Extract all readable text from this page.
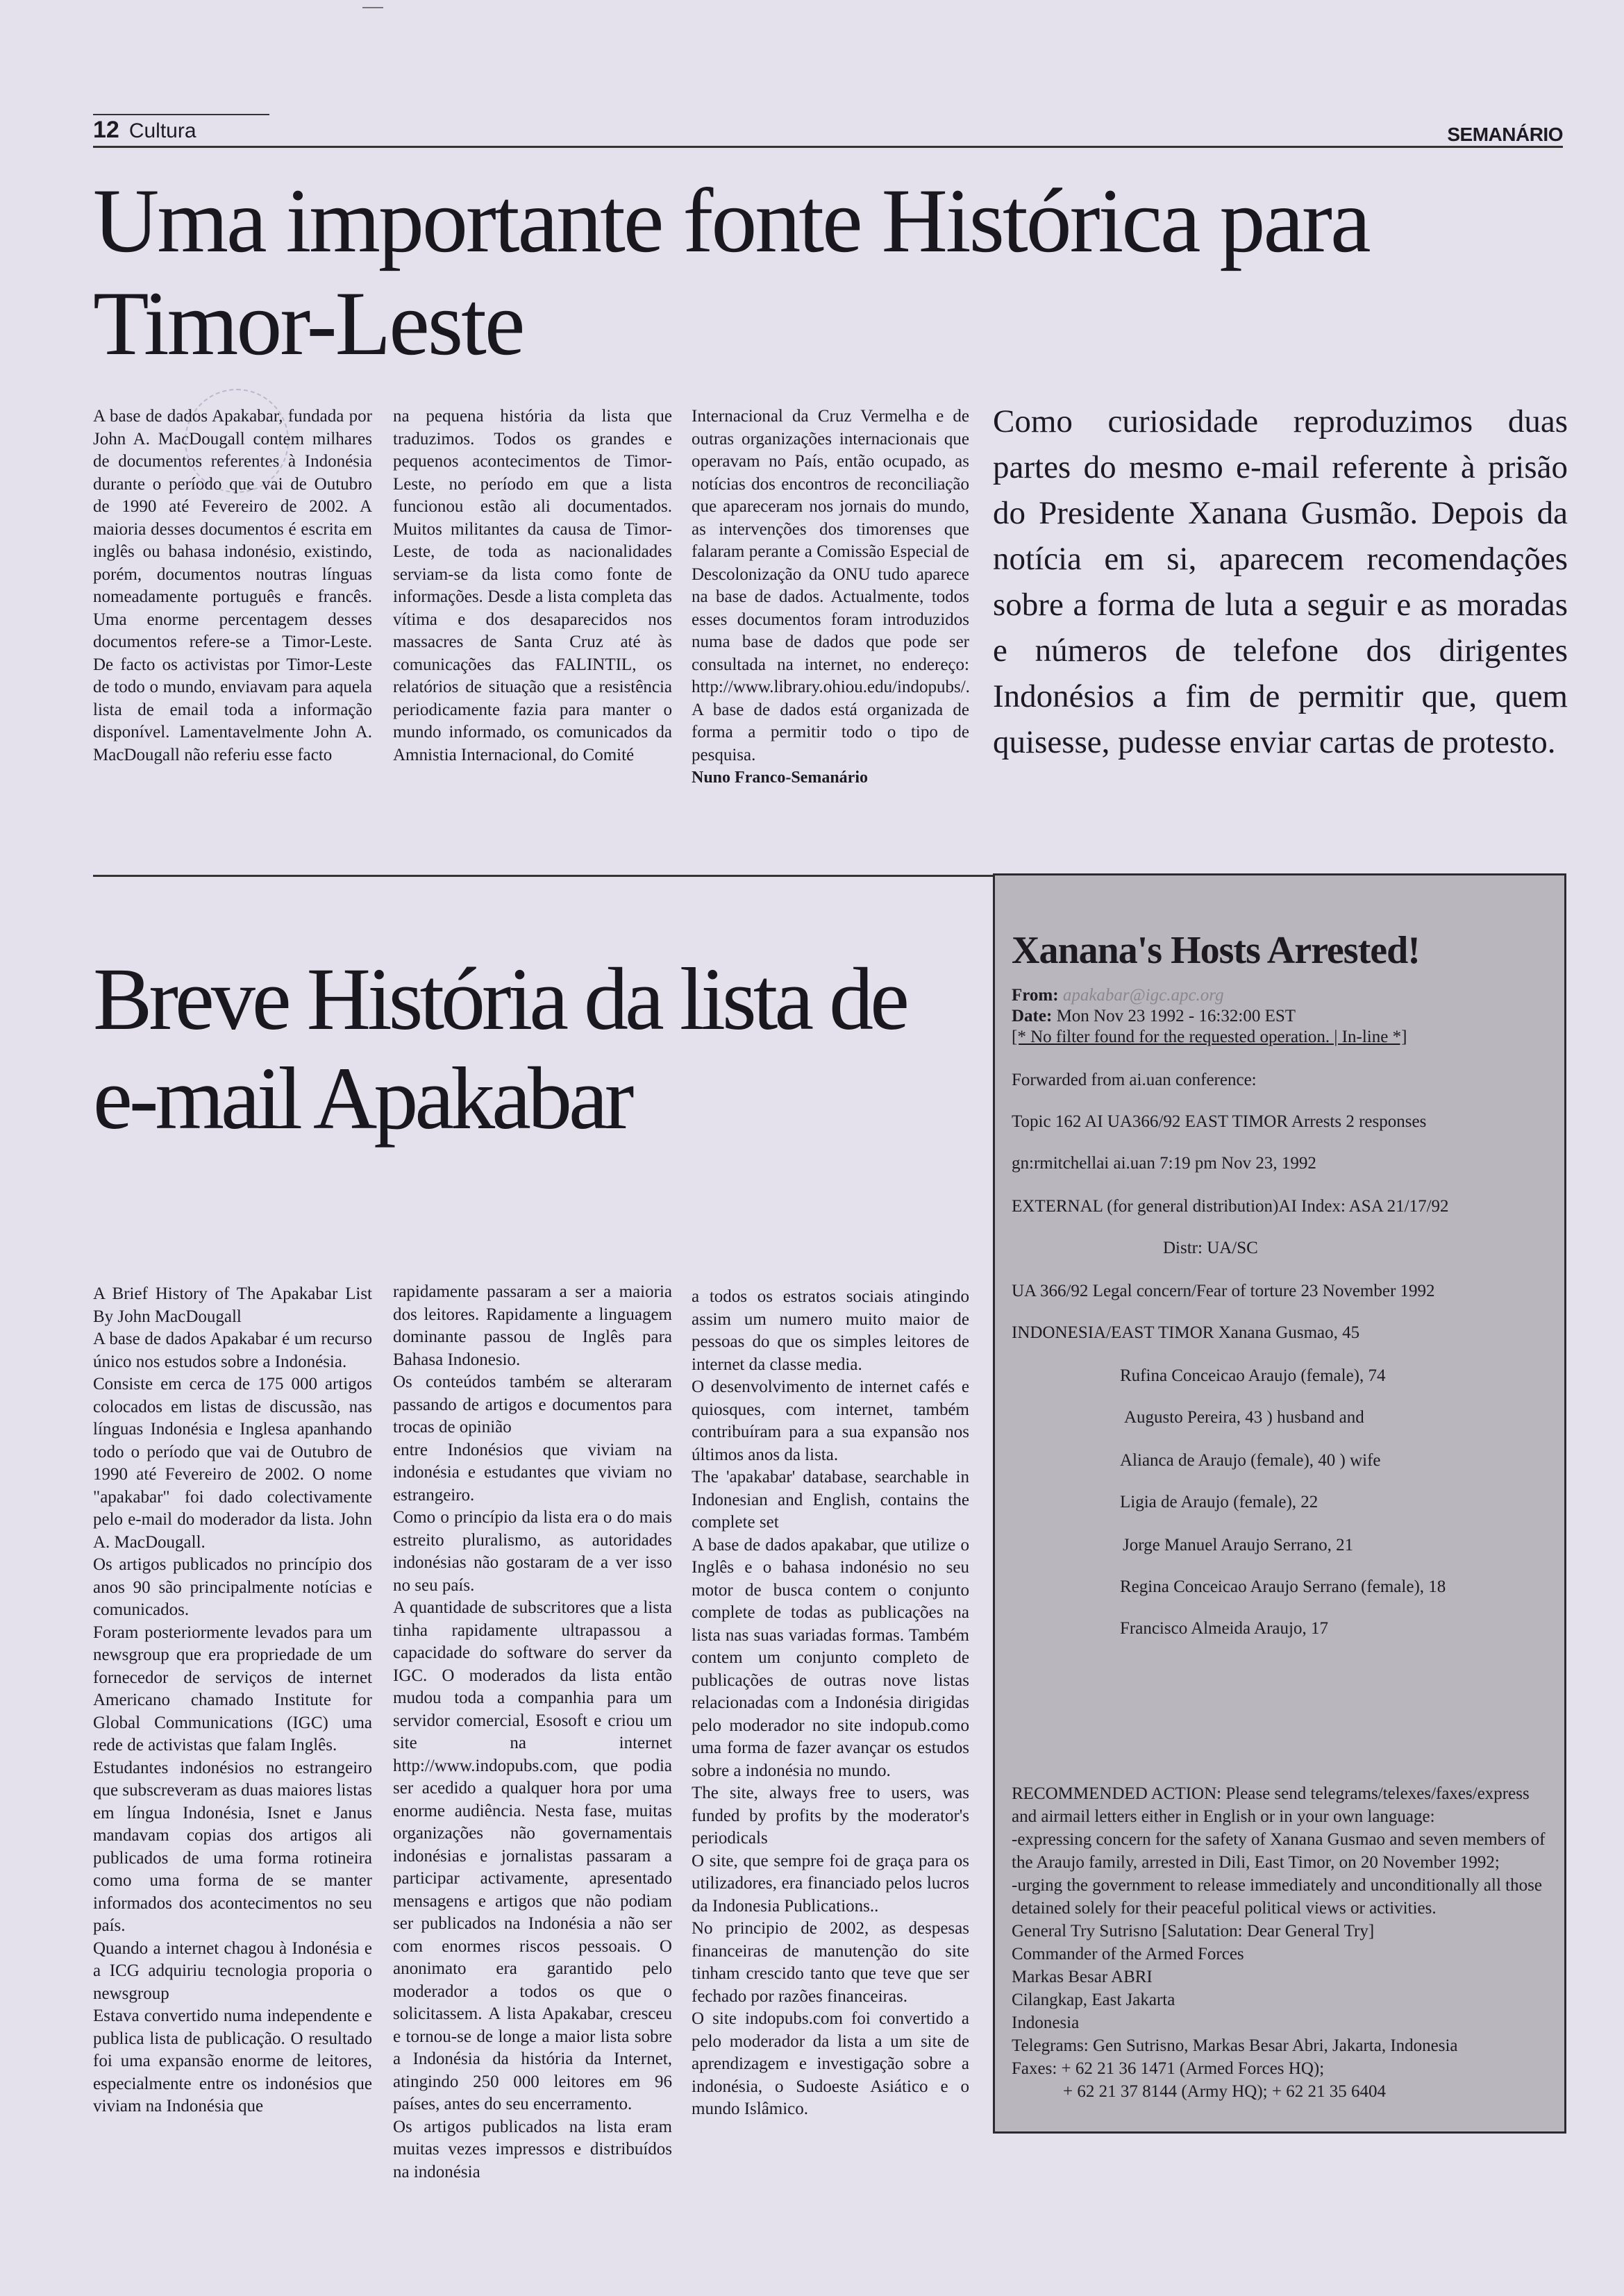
12 Cultura	SEMANÁRIO
Uma importante fonte Histórica para Timor-Leste

A base de dados Apakabar, fundada por John A. MacDougall contem milhares de documentos referentes à Indonésia durante o período que vai de Outubro de 1990 até Fevereiro de 2002. A maioria desses documentos é escrita em inglês ou bahasa indonésio, existindo, porém, documentos noutras línguas nomeadamente português e francês. Uma enorme percentagem desses documentos refere-se a Timor-Leste. De facto os activistas por Timor-Leste de todo o mundo, enviavam para aquela lista de email toda a informação disponível. Lamentavelmente John A. MacDougall não referiu esse facto

na pequena história da lista que traduzimos. Todos os grandes e pequenos acontecimentos de Timor-Leste, no período em que a lista funcionou estão ali documentados. Muitos militantes da causa de Timor-Leste, de toda as nacionalidades serviam-se da lista como fonte de informações. Desde a lista completa das vítima e dos desaparecidos nos massacres de Santa Cruz até às comunicações das FALINTIL, os relatórios de situação que a resistência periodicamente fazia para manter o mundo informado, os comunicados da Amnistia Internacional, do Comité

Internacional da Cruz Vermelha e de outras organizações internacionais que operavam no País, então ocupado, as notícias dos encontros de reconciliação que apareceram nos jornais do mundo, as intervenções dos timorenses que falaram perante a Comissão Especial de Descolonização da ONU tudo aparece na base de dados. Actualmente, todos esses documentos foram introduzidos numa base de dados que pode ser consultada na internet, no endereço: http://www.library.ohiou.edu/indopubs/.

A base de dados está organizada de forma a permitir todo o tipo de pesquisa.

Nuno Franco-Semanário

Como curiosidade reproduzimos duas partes do mesmo e-mail referente à prisão do Presidente Xanana Gusmão. Depois da notícia em si, aparecem recomendações sobre a forma de luta a seguir e as moradas e números de telefone dos dirigentes Indonésios a fim de permitir que, quem quisesse, pudesse enviar cartas de protesto.
Breve História da lista de e-mail Apakabar

A Brief History of The Apakabar List By John MacDougall

A base de dados Apakabar é um recurso único nos estudos sobre a Indonésia.

Consiste em cerca de 175 000 artigos colocados em listas de discussão, nas línguas Indonésia e Inglesa apanhando todo o período que vai de Outubro de 1990 até Fevereiro de 2002. O nome "apakabar" foi dado colectivamente pelo e-mail do moderador da lista. John A. MacDougall.

Os artigos publicados no princípio dos anos 90 são principalmente notícias e comunicados.

Foram posteriormente levados para um newsgroup que era propriedade de um fornecedor de serviços de internet Americano chamado Institute for Global Communications (IGC) uma rede de activistas que falam Inglês.

Estudantes indonésios no estrangeiro que subscreveram as duas maiores listas em língua Indonésia, Isnet e Janus mandavam copias dos artigos ali publicados de uma forma rotineira como uma forma de se manter informados dos acontecimentos no seu país.

Quando a internet chagou à Indonésia e a ICG adquiriu tecnologia proporia o newsgroup

Estava convertido numa independente e publica lista de publicação. O resultado foi uma expansão enorme de leitores, especialmente entre os indonésios que viviam na Indonésia que

rapidamente passaram a ser a maioria dos leitores. Rapidamente a linguagem dominante passou de Inglês para Bahasa Indonesio.

Os conteúdos também se alteraram passando de artigos e documentos para trocas de opinião

entre Indonésios que viviam na indonésia e estudantes que viviam no estrangeiro.

Como o princípio da lista era o do mais estreito pluralismo, as autoridades indonésias não gostaram de a ver isso no seu país.

A quantidade de subscritores que a lista tinha rapidamente ultrapassou a capacidade do software do server da IGC. O moderados da lista então mudou toda a companhia para um servidor comercial, Esosoft e criou um site na internet http://www.indopubs.com, que podia ser acedido a qualquer hora por uma enorme audiência. Nesta fase, muitas organizações não governamentais indonésias e jornalistas passaram a participar activamente, apresentado mensagens e artigos que não podiam ser publicados na Indonésia a não ser com enormes riscos pessoais. O anonimato era garantido pelo moderador a todos os que o solicitassem. A lista Apakabar, cresceu e tornou-se de longe a maior lista sobre a Indonésia da história da Internet, atingindo 250 000 leitores em 96 países, antes do seu encerramento.

Os artigos publicados na lista eram muitas vezes impressos e distribuídos na indonésia

a todos os estratos sociais atingindo assim um numero muito maior de pessoas do que os simples leitores de internet da classe media.

O desenvolvimento de internet cafés e quiosques, com internet, também contribuíram para a sua expansão nos últimos anos da lista.

The 'apakabar' database, searchable in Indonesian and English, contains the complete set

A base de dados apakabar, que utilize o Inglês e o bahasa indonésio no seu motor de busca contem o conjunto complete de todas as publicações na lista nas suas variadas formas. Também contem um conjunto completo de publicações de outras nove listas relacionadas com a Indonésia dirigidas pelo moderador no site indopub.como uma forma de fazer avançar os estudos sobre a indonésia no mundo.

The site, always free to users, was funded by profits by the moderator's periodicals

O site, que sempre foi de graça para os utilizadores, era financiado pelos lucros da Indonesia Publications..

No principio de 2002, as despesas financeiras de manutenção do site tinham crescido tanto que teve que ser fechado por razões financeiras.

O site indopubs.com foi convertido a pelo moderador da lista a um site de aprendizagem e investigação sobre a indonésia, o Sudoeste Asiático e o mundo Islâmico.

Xanana's Hosts Arrested!
From: apakabar@igc.apc.org
Date: Mon Nov 23 1992 - 16:32:00 EST
[* No filter found for the requested operation. | In-line *]
Forwarded from ai.uan conference:
Topic 162 AI UA366/92 EAST TIMOR Arrests 2 responses
gn:rmitchellai ai.uan 7:19 pm Nov 23, 1992
EXTERNAL (for general distribution)AI Index: ASA 21/17/92
Distr: UA/SC
UA 366/92 Legal concern/Fear of torture 23 November 1992
INDONESIA/EAST TIMOR Xanana Gusmao, 45
Rufina Conceicao Araujo (female), 74
Augusto Pereira, 43 ) husband and
Alianca de Araujo (female), 40 ) wife
Ligia de Araujo (female), 22
Jorge Manuel Araujo Serrano, 21
Regina Conceicao Araujo Serrano (female), 18
Francisco Almeida Araujo, 17

RECOMMENDED ACTION: Please send telegrams/telexes/faxes/express and airmail letters either in English or in your own language:

-expressing concern for the safety of Xanana Gusmao and seven members of the Araujo family, arrested in Dili, East Timor, on 20 November 1992;

-urging the government to release immediately and unconditionally all those detained solely for their peaceful political views or activities.

General Try Sutrisno [Salutation: Dear General Try]

Commander of the Armed Forces

Markas Besar ABRI

Cilangkap, East Jakarta

Indonesia

Telegrams: Gen Sutrisno, Markas Besar Abri, Jakarta, Indonesia

Faxes: + 62 21 36 1471 (Armed Forces HQ);

+ 62 21 37 8144 (Army HQ); + 62 21 35 6404
